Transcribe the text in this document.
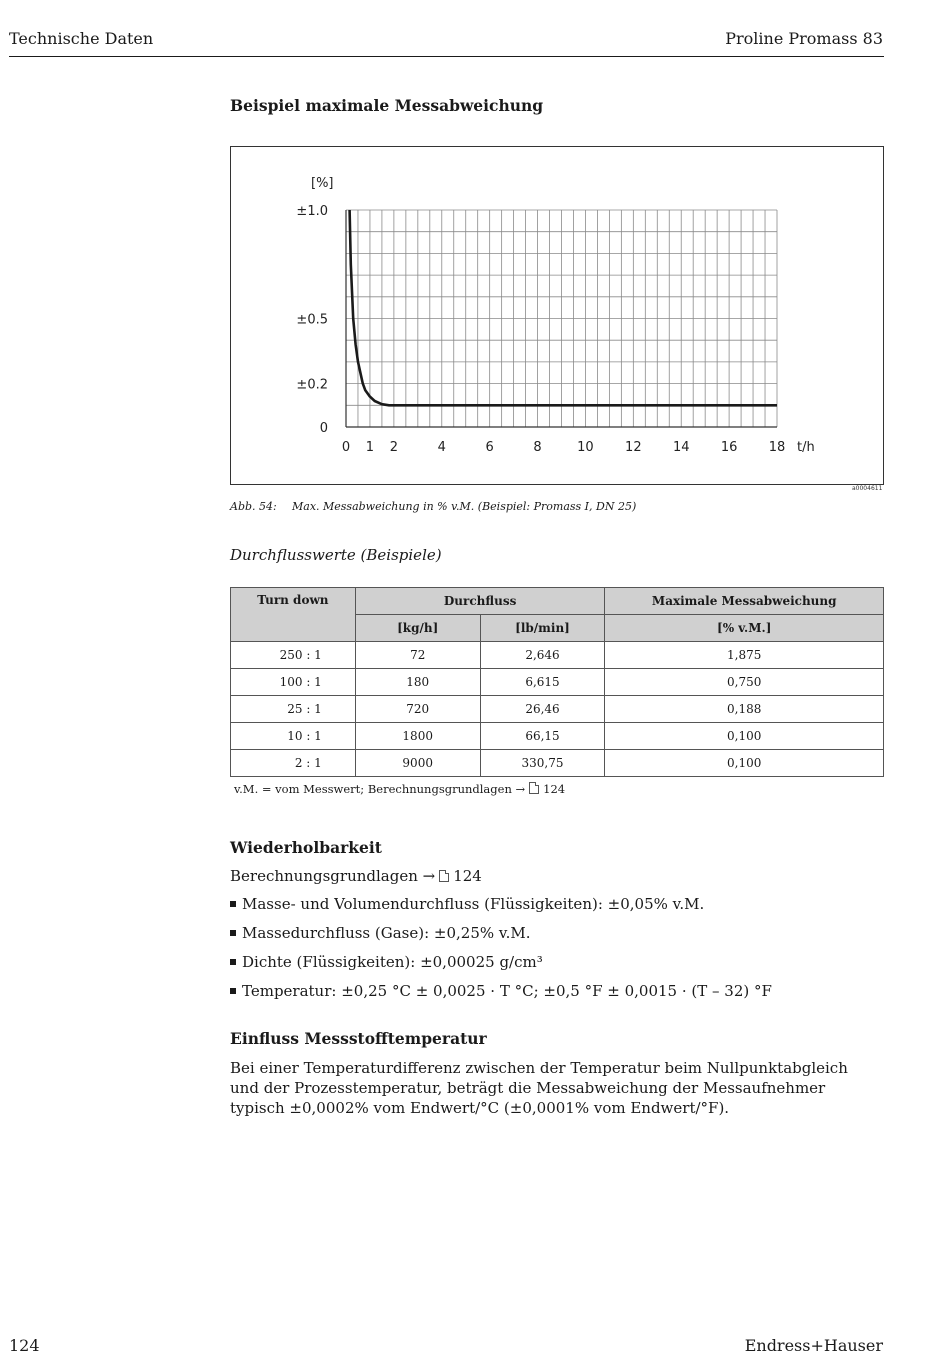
Technische Daten	Proline Promass 83
Beispiel maximale Messabweichung
0 1 2	4	6	8	10 12 14 16 18
±1.0
±0.5
±0.2
0
[%]
t/h
a0004611
Abb. 54: Max. Messabweichung in % v.M. (Beispiel: Promass I, DN 25)
Durchflusswerte (Beispiele)
Turn down	Durchfluss		Maximale Messabweichung
	[kg/h]	[lb/min]	[% v.M.]
250 : 1	72	2,646	1,875
100 : 1	180	6,615	0,750
25 : 1	720	26,46	0,188
10 : 1	1800	66,15	0,100
2 : 1	9000	330,75	0,100
v.M. = vom Messwert; Berechnungsgrundlagen → 124
Wiederholbarkeit
Berechnungsgrundlagen → 124
Masse- und Volumendurchfluss (Flüssigkeiten): ±0,05% v.M.
Massedurchfluss (Gase): ±0,25% v.M.
Dichte (Flüssigkeiten): ±0,00025 g/cm³
Temperatur: ±0,25 °C ± 0,0025 · T °C; ±0,5 °F ± 0,0015 · (T – 32) °F
Einfluss Messstofftemperatur
Bei einer Temperaturdifferenz zwischen der Temperatur beim Nullpunktabgleich und der Prozesstemperatur, beträgt die Messabweichung der Messaufnehmer typisch ±0,0002% vom Endwert/°C (±0,0001% vom Endwert/°F).
124	Endress+Hauser
